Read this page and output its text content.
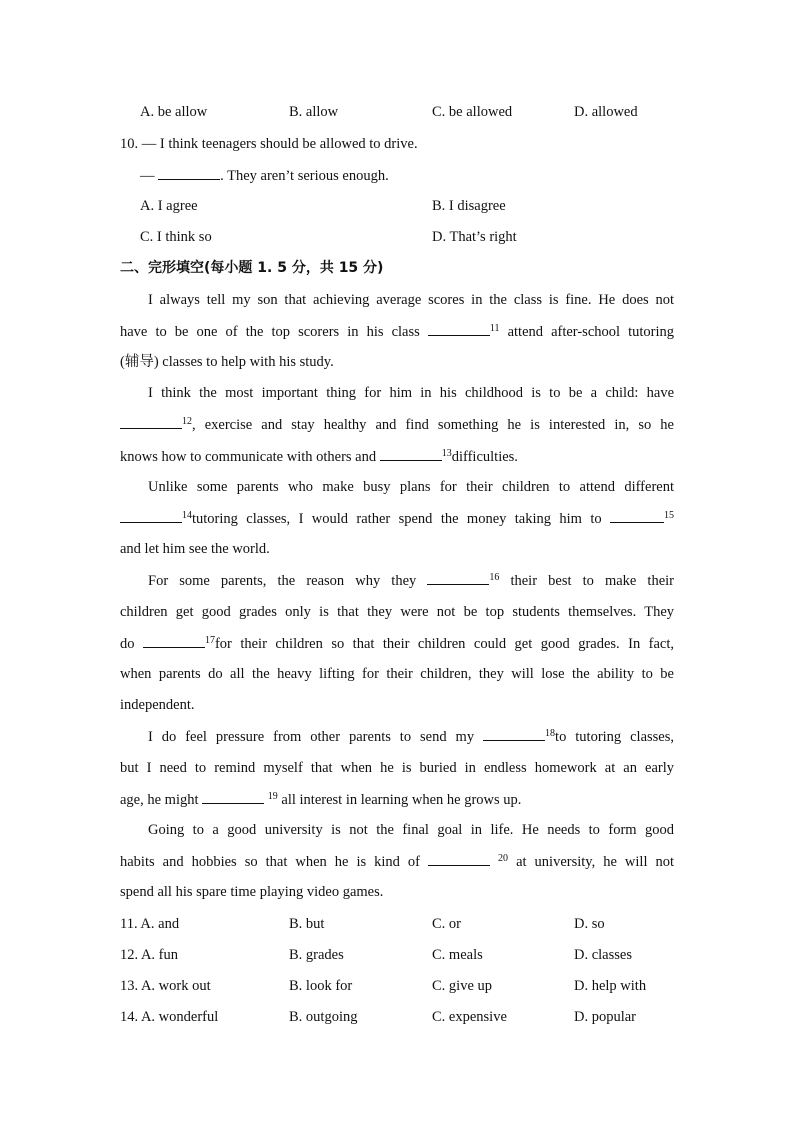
A. be allow	B. allow	C. be allowed	D. allowed
10. — I think teenagers should be allowed to drive.
—	. They aren’t serious enough.
A. I agree	B. I disagree
C. I think so	D. That’s right
二、完形填空(每小题 1. 5 分，共 15 分)
I always tell my son that achieving average scores in the class is fine. He does not
have to be one of the top scorers in his class	$^{11}$ attend after-school tutoring
(辅导) classes to help with his study.
I think the most important thing for him in his childhood is to be a child: have
$^{12}$, exercise and stay healthy and find something he is interested in, so he
knows how to communicate with others and	$^{13}$difficulties.
Unlike some parents who make busy plans for their children to attend different
$^{14}$tutoring classes, I would rather spend the money taking him to	$^{15}$
and let him see the world.
For some parents, the reason why they	$^{16}$ their best to make their
children get good grades only is that they were not be top students themselves. They
do	$^{17}$for their children so that their children could get good grades. In fact,
when parents do all the heavy lifting for their children, they will lose the ability to be
independent.
I do feel pressure from other parents to send my	$^{18}$to tutoring classes,
but I need to remind myself that when he is buried in endless homework at an early
age, he might	$^{19}$ all interest in learning when he grows up.
Going to a good university is not the final goal in life. He needs to form good
habits and hobbies so that when he is kind of	$^{20}$ at university, he will not
spend all his spare time playing video games.
11. A. and	B. but	C. or	D. so
12. A. fun	B. grades	C. meals	D. classes
13. A. work out	B. look for	C. give up	D. help with
14. A. wonderful	B. outgoing	C. expensive	D. popular
